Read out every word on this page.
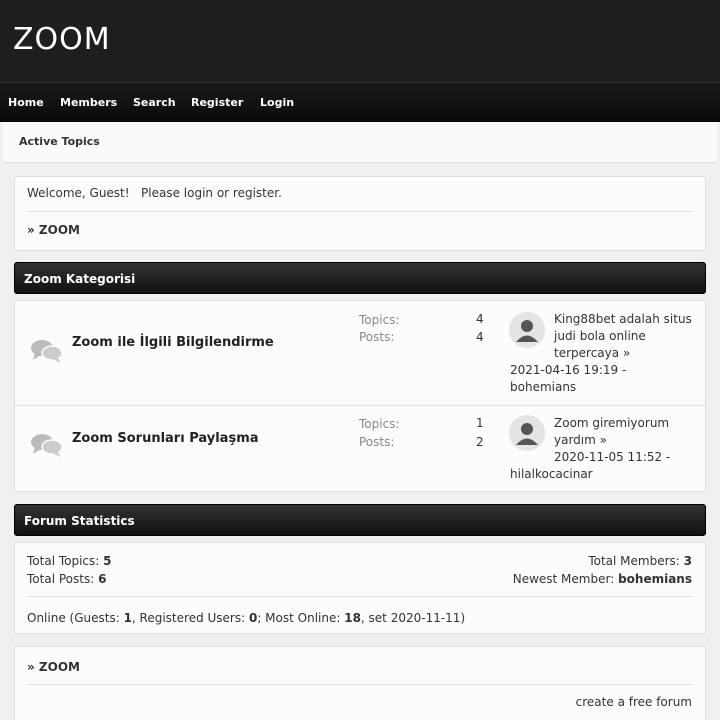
ZOOM
Home Members Search Register Login
Active Topics
Welcome, Guest!   Please login or register.
» ZOOM
Zoom Kategorisi
Zoom ile İlgili Bilgilendirme
Topics:	4
Posts:	4
King88bet adalah situs judi bola online terpercaya »
2021-04-16 19:19 -
bohemians
Zoom Sorunları Paylaşma
Topics:	1
Posts:	2
Zoom giremiyorum yardım »
2020-11-05 11:52 -
hilalkocacinar
Forum Statistics
Total Topics: 5
Total Posts: 6
Total Members: 3
Newest Member: bohemians
Online (Guests: 1, Registered Users: 0; Most Online: 18, set 2020-11-11)
» ZOOM
create a free forum
